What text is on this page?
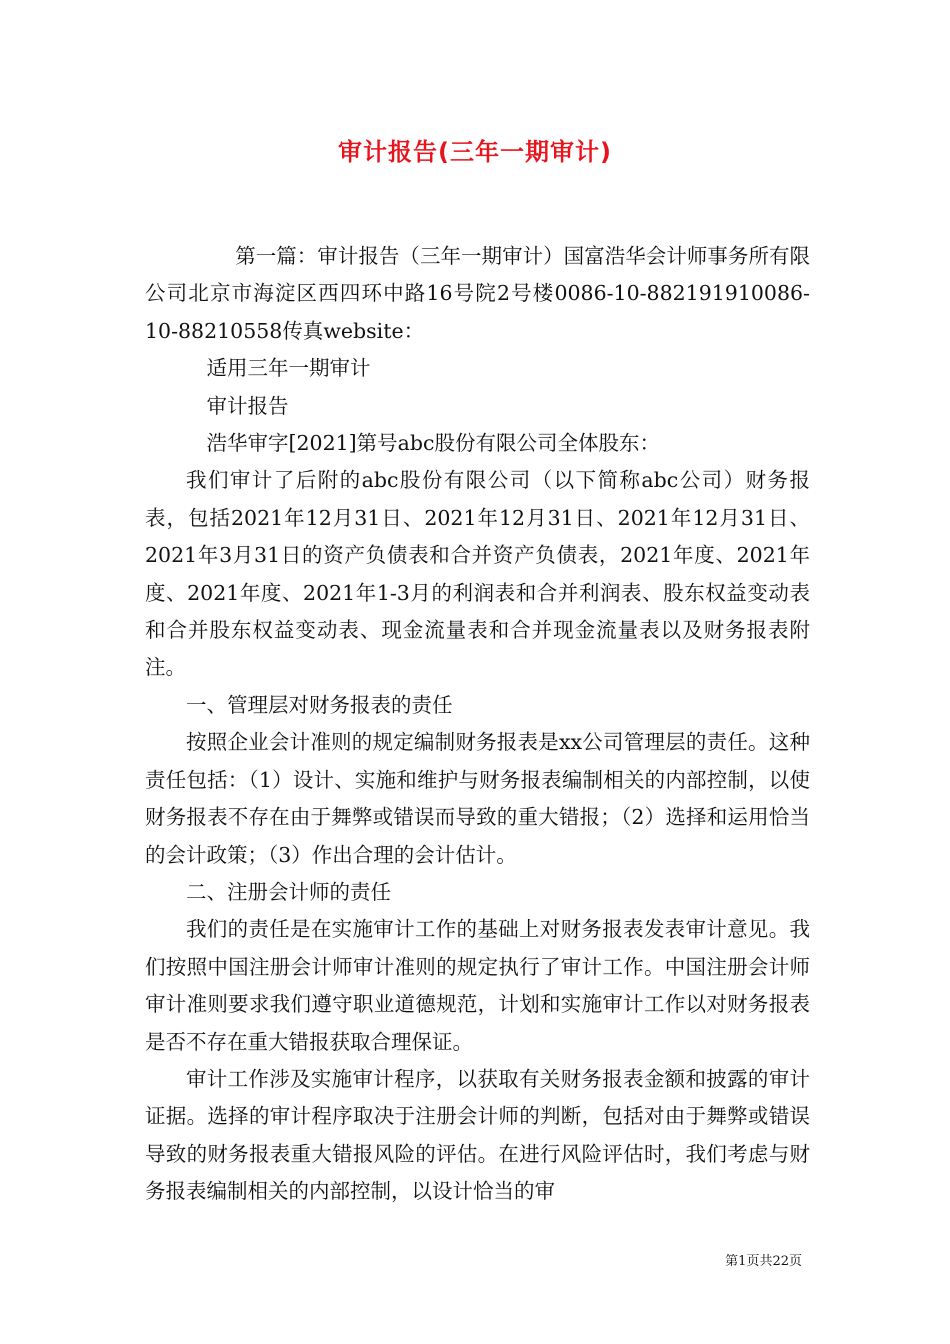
审计报告(三年一期审计)

第一篇：审计报告（三年一期审计）国富浩华会计师事务所有限公司北京市海淀区西四环中路16号院2号楼0086-10-882191910086-10-88210558传真website：

适用三年一期审计

审计报告

浩华审字[2021]第号abc股份有限公司全体股东：

我们审计了后附的abc股份有限公司（以下简称abc公司）财务报表，包括2021年12月31日、2021年12月31日、2021年12月31日、2021年3月31日的资产负债表和合并资产负债表，2021年度、2021年度、2021年度、2021年1-3月的利润表和合并利润表、股东权益变动表和合并股东权益变动表、现金流量表和合并现金流量表以及财务报表附注。

一、管理层对财务报表的责任

按照企业会计准则的规定编制财务报表是xx公司管理层的责任。这种责任包括：（1）设计、实施和维护与财务报表编制相关的内部控制，以使财务报表不存在由于舞弊或错误而导致的重大错报；（2）选择和运用恰当的会计政策；（3）作出合理的会计估计。

二、注册会计师的责任

我们的责任是在实施审计工作的基础上对财务报表发表审计意见。我们按照中国注册会计师审计准则的规定执行了审计工作。中国注册会计师审计准则要求我们遵守职业道德规范，计划和实施审计工作以对财务报表是否不存在重大错报获取合理保证。

审计工作涉及实施审计程序，以获取有关财务报表金额和披露的审计证据。选择的审计程序取决于注册会计师的判断，包括对由于舞弊或错误导致的财务报表重大错报风险的评估。在进行风险评估时，我们考虑与财务报表编制相关的内部控制，以设计恰当的审

第1页共22页
